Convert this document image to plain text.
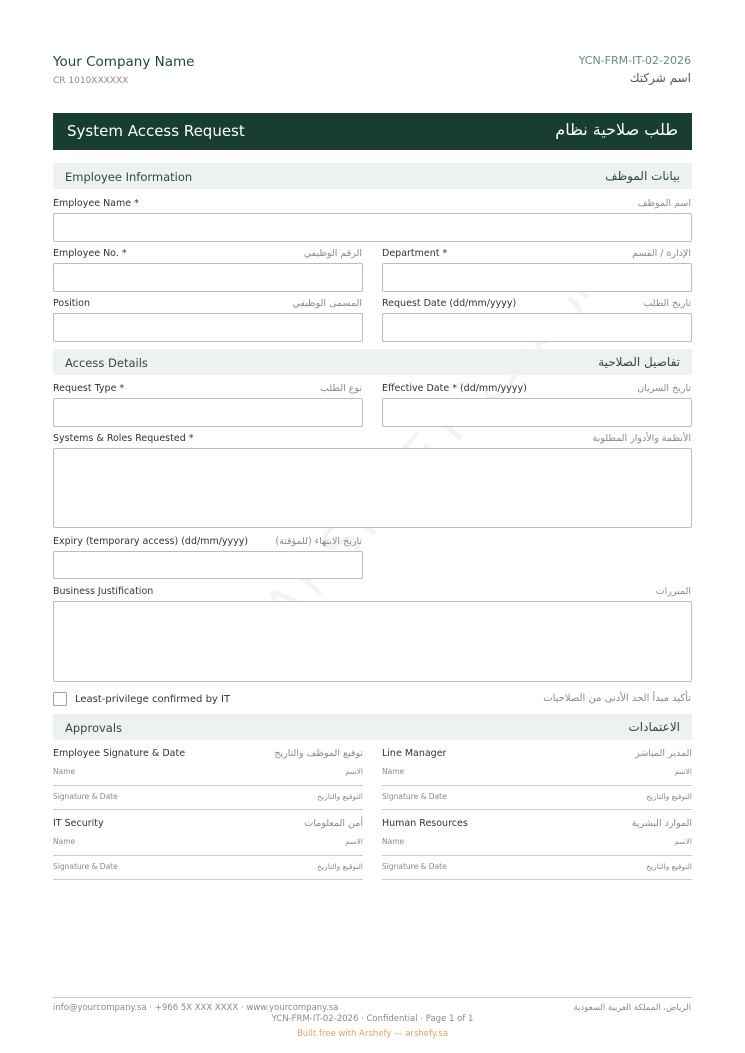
Your Company Name
CR 1010XXXXXX
YCN-FRM-IT-02-2026
اسم شركتك
System Access Request	طلب صلاحية نظام
Employee Information	بيانات الموظف
Employee Name *	اسم الموظف
Employee No. *	الرقم الوظيفي Department *	الإدارة / القسم
Position	المسمى الوظيفي Request Date (dd/mm/yyyy)	تاريخ الطلب
Access Details	تفاصيل الصلاحية
Request Type *	نوع الطلب Effective Date * (dd/mm/yyyy)	تاريخ السريان
Systems & Roles Requested *	الأنظمة والأدوار المطلوبة
Expiry (temporary access) (dd/mm/yyyy)	تاريخ الانتهاء (للمؤقتة)
Business Justification	المبررات
Least-privilege confirmed by IT	تأكيد مبدأ الحد الأدنى من الصلاحيات
Approvals	الاعتمادات
Employee Signature & Date	توقيع الموظف والتاريخ
Name	الاسم
Signature & Date	التوقيع والتاريخ
Line Manager	المدير المباشر
Name	الاسم
Signature & Date	التوقيع والتاريخ
IT Security	أمن المعلومات
Name	الاسم
Signature & Date	التوقيع والتاريخ
Human Resources	الموارد البشرية
Name	الاسم
Signature & Date	التوقيع والتاريخ
info@yourcompany.sa · +966 5X XXX XXXX · www.yourcompany.sa	الرياض، المملكة العربية السعودية
YCN-FRM-IT-02-2026 · Confidential · Page 1 of 1
Built free with Arshefy — arshefy.sa
